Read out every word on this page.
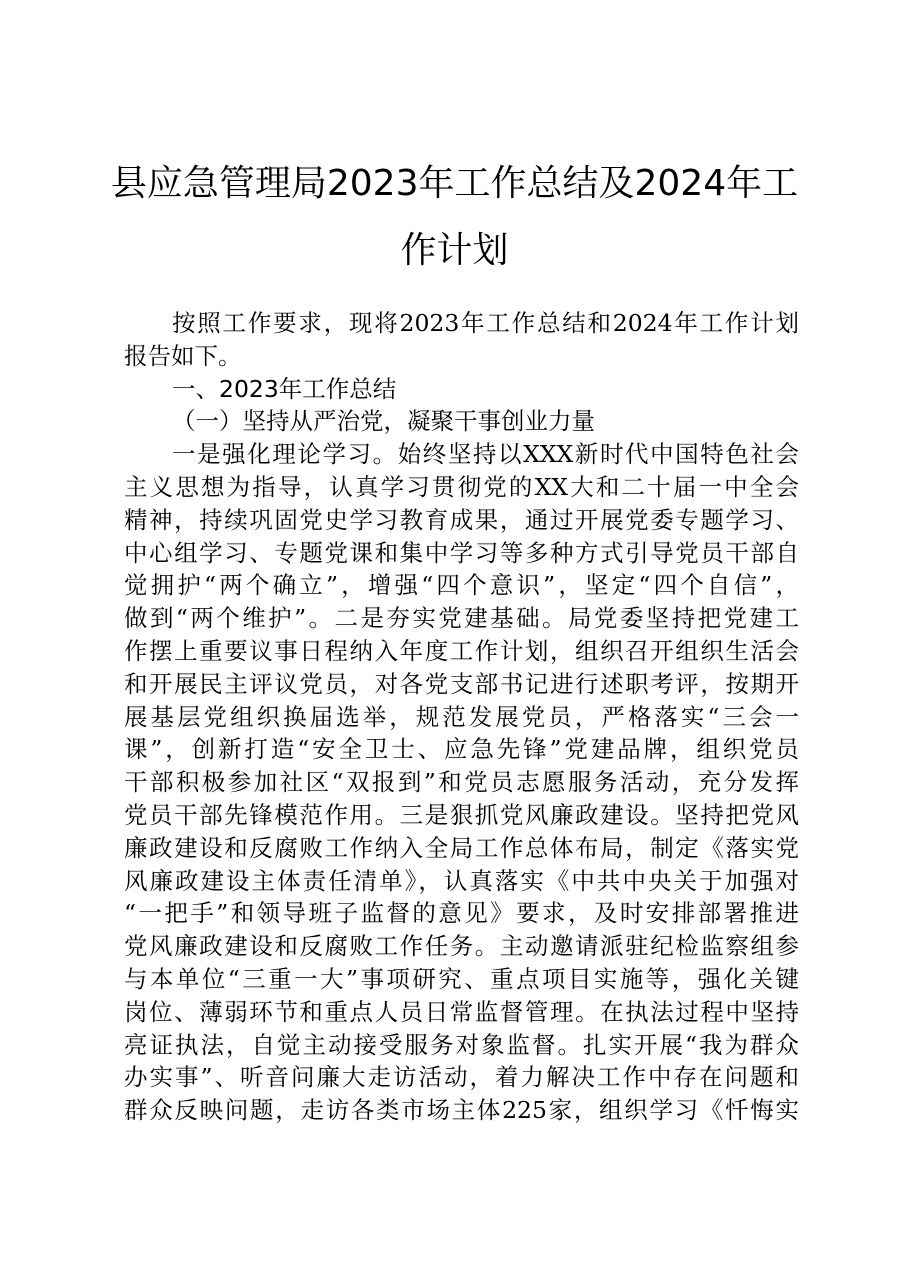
县应急管理局2023年工作总结及2024年工
作计划
按照工作要求，现将2023年工作总结和2024年工作计划
报告如下。
一、2023年工作总结
（一）坚持从严治党，凝聚干事创业力量
一是强化理论学习。始终坚持以XXX新时代中国特色社会
主义思想为指导，认真学习贯彻党的XX大和二十届一中全会
精神，持续巩固党史学习教育成果，通过开展党委专题学习、
中心组学习、专题党课和集中学习等多种方式引导党员干部自
觉拥护“两个确立”，增强“四个意识”，坚定“四个自信”，
做到“两个维护”。二是夯实党建基础。局党委坚持把党建工
作摆上重要议事日程纳入年度工作计划，组织召开组织生活会
和开展民主评议党员，对各党支部书记进行述职考评，按期开
展基层党组织换届选举，规范发展党员，严格落实“三会一
课”，创新打造“安全卫士、应急先锋”党建品牌，组织党员
干部积极参加社区“双报到”和党员志愿服务活动，充分发挥
党员干部先锋模范作用。三是狠抓党风廉政建设。坚持把党风
廉政建设和反腐败工作纳入全局工作总体布局，制定《落实党
风廉政建设主体责任清单》，认真落实《中共中央关于加强对
“一把手”和领导班子监督的意见》要求，及时安排部署推进
党风廉政建设和反腐败工作任务。主动邀请派驻纪检监察组参
与本单位“三重一大”事项研究、重点项目实施等，强化关键
岗位、薄弱环节和重点人员日常监督管理。在执法过程中坚持
亮证执法，自觉主动接受服务对象监督。扎实开展“我为群众
办实事”、听音问廉大走访活动，着力解决工作中存在问题和
群众反映问题，走访各类市场主体225家，组织学习《忏悔实
